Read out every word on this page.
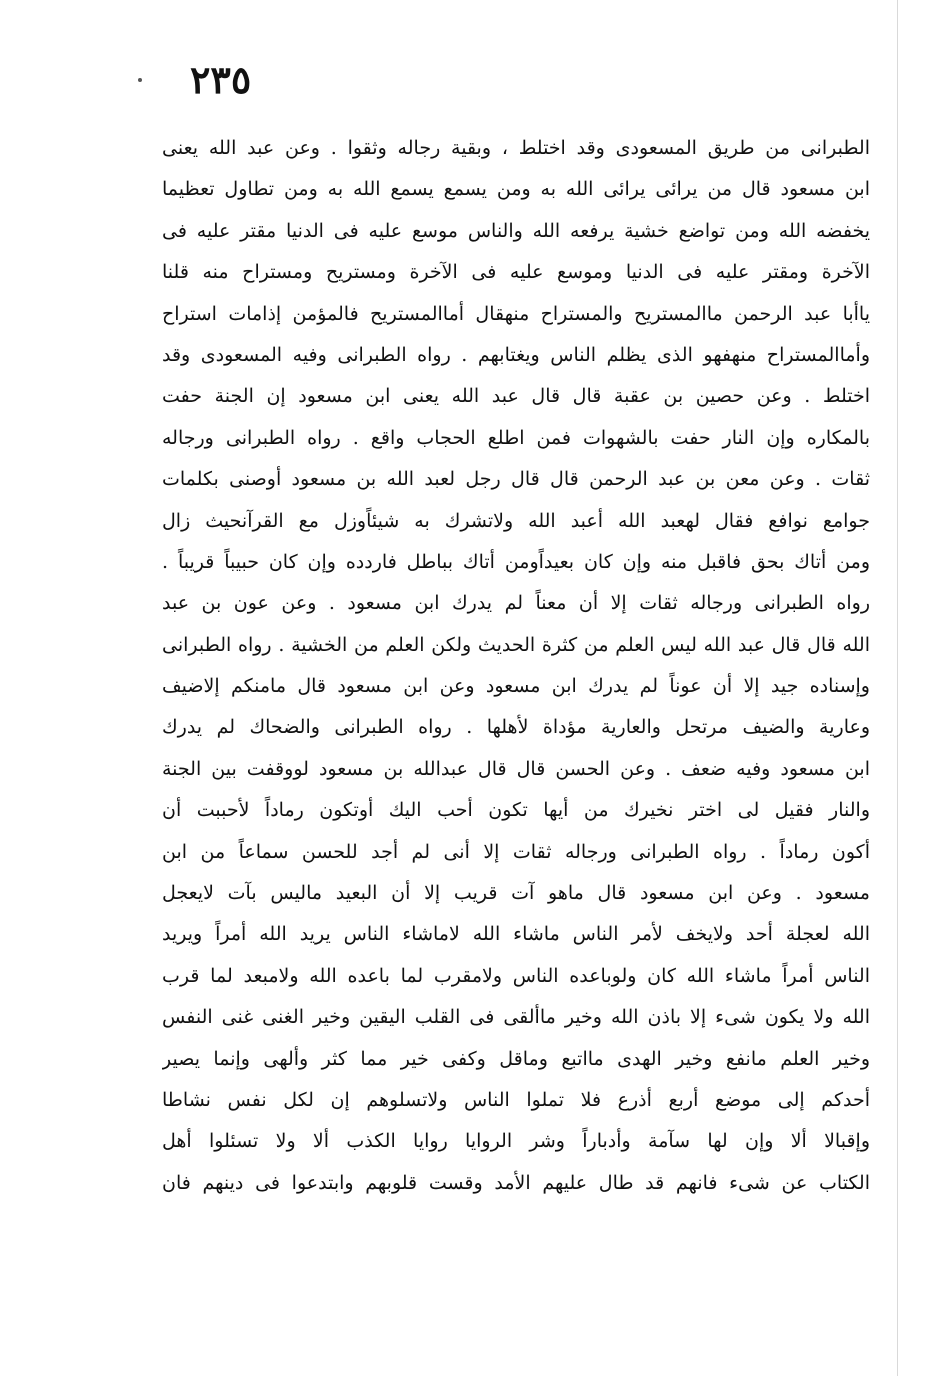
٢٣٥
الطبرانى من طريق المسعودى وقد اختلط ، وبقية رجاله وثقوا . وعن عبد الله يعنى
ابن مسعود قال من يرائى يرائى الله به ومن يسمع يسمع الله به ومن تطاول تعظيما
يخفضه الله ومن تواضع خشية يرفعه الله والناس موسع عليه فى الدنيا مقتر عليه فى
الآخرة ومقتر عليه فى الدنيا وموسع عليه فى الآخرة ومستريح ومستراح منه قلنا
ياأبا عبد الرحمن ماالمستريح والمستراح منهقال أماالمستريح فالمؤمن إذامات استراح
وأماالمستراح منهفهو الذى يظلم الناس ويغتابهم . رواه الطبرانى وفيه المسعودى وقد
اختلط . وعن حصين بن عقبة قال قال عبد الله يعنى ابن مسعود إن الجنة حفت
بالمكاره وإن النار حفت بالشهوات فمن اطلع الحجاب واقع . رواه الطبرانى ورجاله
ثقات . وعن معن بن عبد الرحمن قال قال رجل لعبد الله بن مسعود أوصنى بكلمات
جوامع نوافع فقال لهعبد الله أعبد الله ولاتشرك به شيئاًوزل مع القرآنحيث زال
ومن أتاك بحق فاقبل منه وإن كان بعيداًومن أتاك بباطل فاردده وإن كان حبيباً قريباً .
رواه الطبرانى ورجاله ثقات إلا أن معناً لم يدرك ابن مسعود . وعن عون بن عبد
الله قال قال عبد الله ليس العلم من كثرة الحديث ولكن العلم من الخشية . رواه الطبرانى
وإسناده جيد إلا أن عوناً لم يدرك ابن مسعود وعن ابن مسعود قال مامنكم إلاضيف
وعارية والضيف مرتحل والعارية مؤداة لأهلها . رواه الطبرانى والضحاك لم يدرك
ابن مسعود وفيه ضعف . وعن الحسن قال قال عبدالله بن مسعود لووقفت بين الجنة
والنار فقيل لى اختر نخيرك من أيها تكون أحب اليك أوتكون رماداً لأحببت أن
أكون رماداً . رواه الطبرانى ورجاله ثقات إلا أنى لم أجد للحسن سماعاً من ابن
مسعود . وعن ابن مسعود قال ماهو آت قريب إلا أن البعيد ماليس بآت لايعجل
الله لعجلة أحد ولايخف لأمر الناس ماشاء الله لاماشاء الناس يريد الله أمراً ويريد
الناس أمراً ماشاء الله كان ولوباعده الناس ولامقرب لما باعده الله ولامبعد لما قرب
الله ولا يكون شىء إلا باذن الله وخير ماألقى فى القلب اليقين وخير الغنى غنى النفس
وخير العلم مانفع وخير الهدى مااتبع وماقل وكفى خير مما كثر وألهى وإنما يصير
أحدكم إلى موضع أربع أذرع فلا تملوا الناس ولاتسلوهم إن لكل نفس نشاطا
وإقبالا ألا وإن لها سآمة وأدباراً وشر الروايا روايا الكذب ألا ولا تسئلوا أهل
الكتاب عن شىء فانهم قد طال عليهم الأمد وقست قلوبهم وابتدعوا فى دينهم فان
